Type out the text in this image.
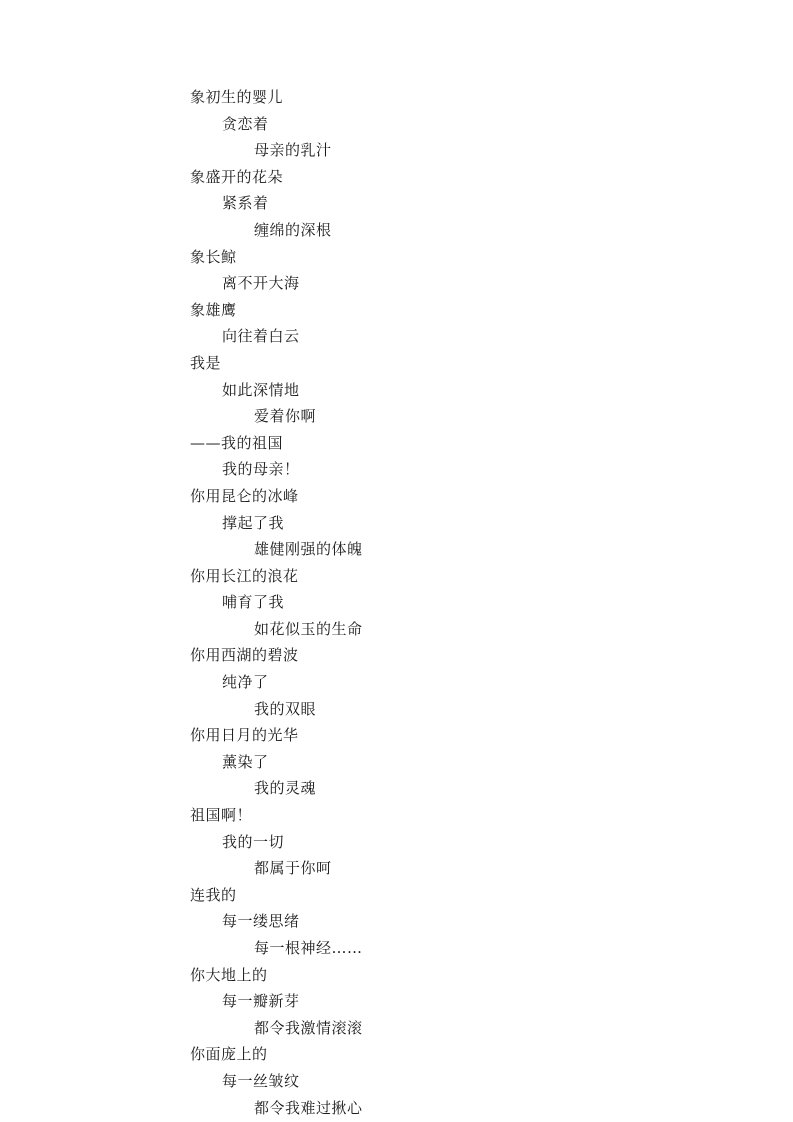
象初生的婴儿
贪恋着
母亲的乳汁
象盛开的花朵
紧系着
缠绵的深根
象长鲸
离不开大海
象雄鹰
向往着白云
我是
如此深情地
爱着你啊
——我的祖国
我的母亲！
你用昆仑的冰峰
撑起了我
雄健刚强的体魄
你用长江的浪花
哺育了我
如花似玉的生命
你用西湖的碧波
纯净了
我的双眼
你用日月的光华
薰染了
我的灵魂
祖国啊！
我的一切
都属于你呵
连我的
每一缕思绪
每一根神经……
你大地上的
每一瓣新芽
都令我激情滚滚
你面庞上的
每一丝皱纹
都令我难过揪心
